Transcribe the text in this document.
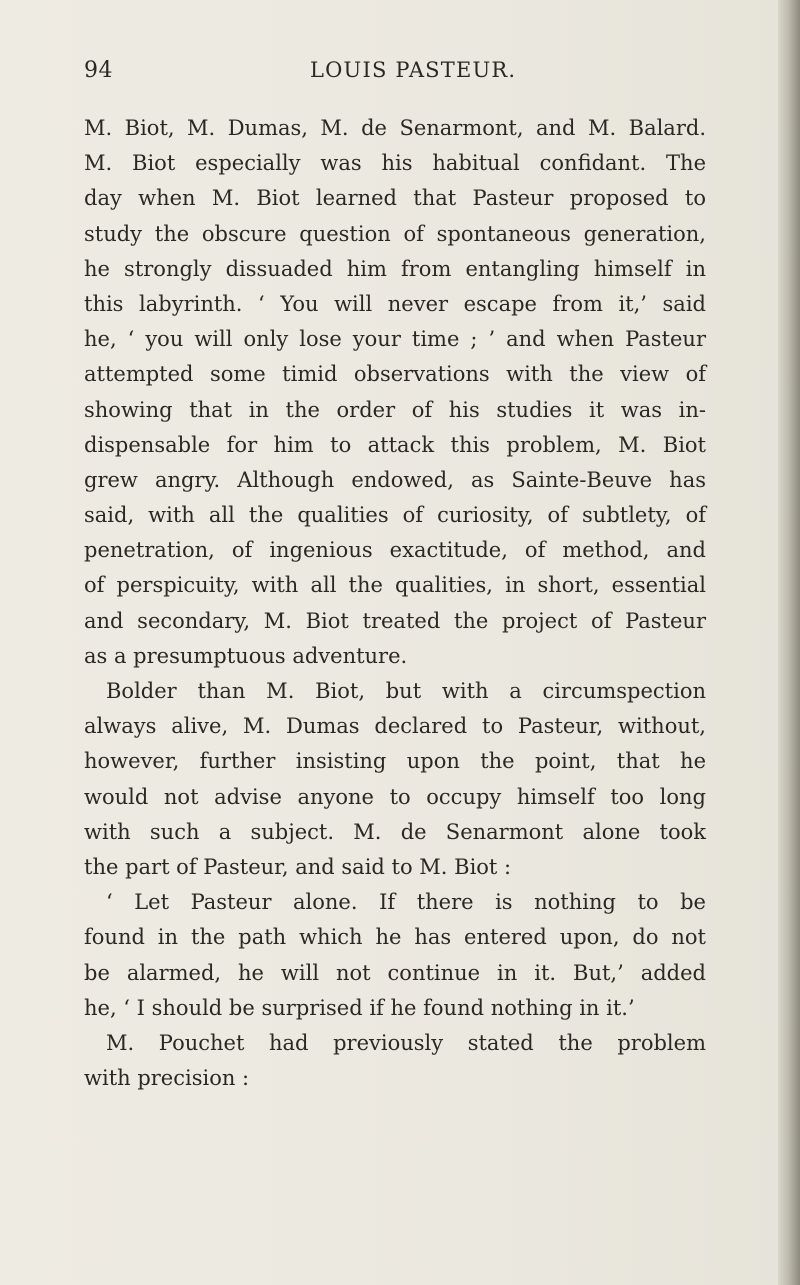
94	LOUIS PASTEUR.
M. Biot, M. Dumas, M. de Senarmont, and M. Balard.
M. Biot especially was his habitual confidant. The
day when M. Biot learned that Pasteur proposed to
study the obscure question of spontaneous generation,
he strongly dissuaded him from entangling himself in
this labyrinth. ‘ You will never escape from it,’ said
he, ‘ you will only lose your time ; ’ and when Pasteur
attempted some timid observations with the view of
showing that in the order of his studies it was in-
dispensable for him to attack this problem, M. Biot
grew angry. Although endowed, as Sainte-Beuve has
said, with all the qualities of curiosity, of subtlety, of
penetration, of ingenious exactitude, of method, and
of perspicuity, with all the qualities, in short, essential
and secondary, M. Biot treated the project of Pasteur
as a presumptuous adventure.
Bolder than M. Biot, but with a circumspection
always alive, M. Dumas declared to Pasteur, without,
however, further insisting upon the point, that he
would not advise anyone to occupy himself too long
with such a subject. M. de Senarmont alone took
the part of Pasteur, and said to M. Biot :
‘ Let Pasteur alone. If there is nothing to be
found in the path which he has entered upon, do not
be alarmed, he will not continue in it. But,’ added
he, ‘ I should be surprised if he found nothing in it.’
M. Pouchet had previously stated the problem
with precision :
